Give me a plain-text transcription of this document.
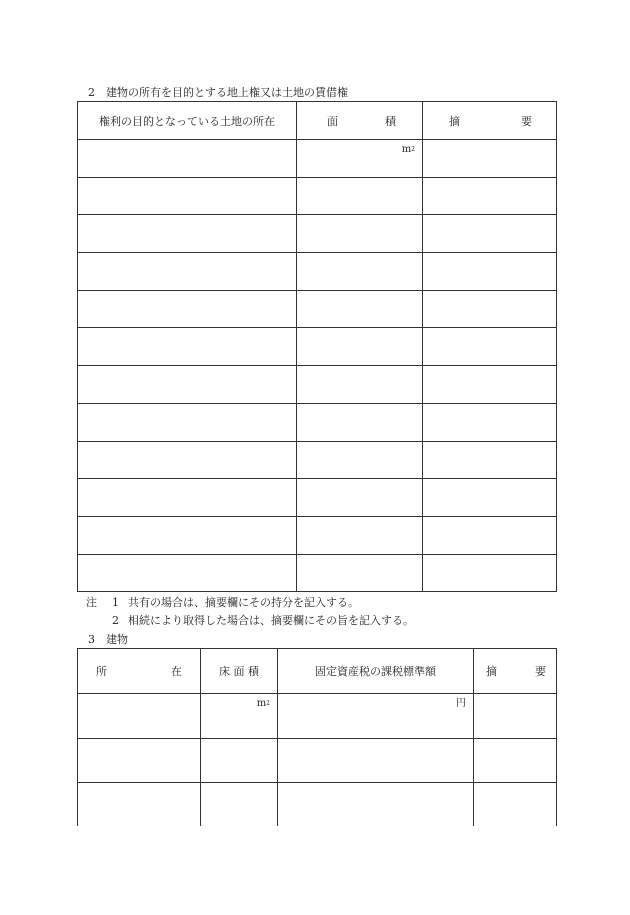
2　建物の所有を目的とする地上権又は土地の賃借権
権利の目的となっている土地の所在	面 積	摘 要

	$m^2$

注 1 共有の場合は、摘要欄にその持分を記入する。
2 相続により取得した場合は、摘要欄にその旨を記入する。
3　建物
所 在	床 面 積	固定資産税の課税標準額	摘 要

	$m^2$	円	
